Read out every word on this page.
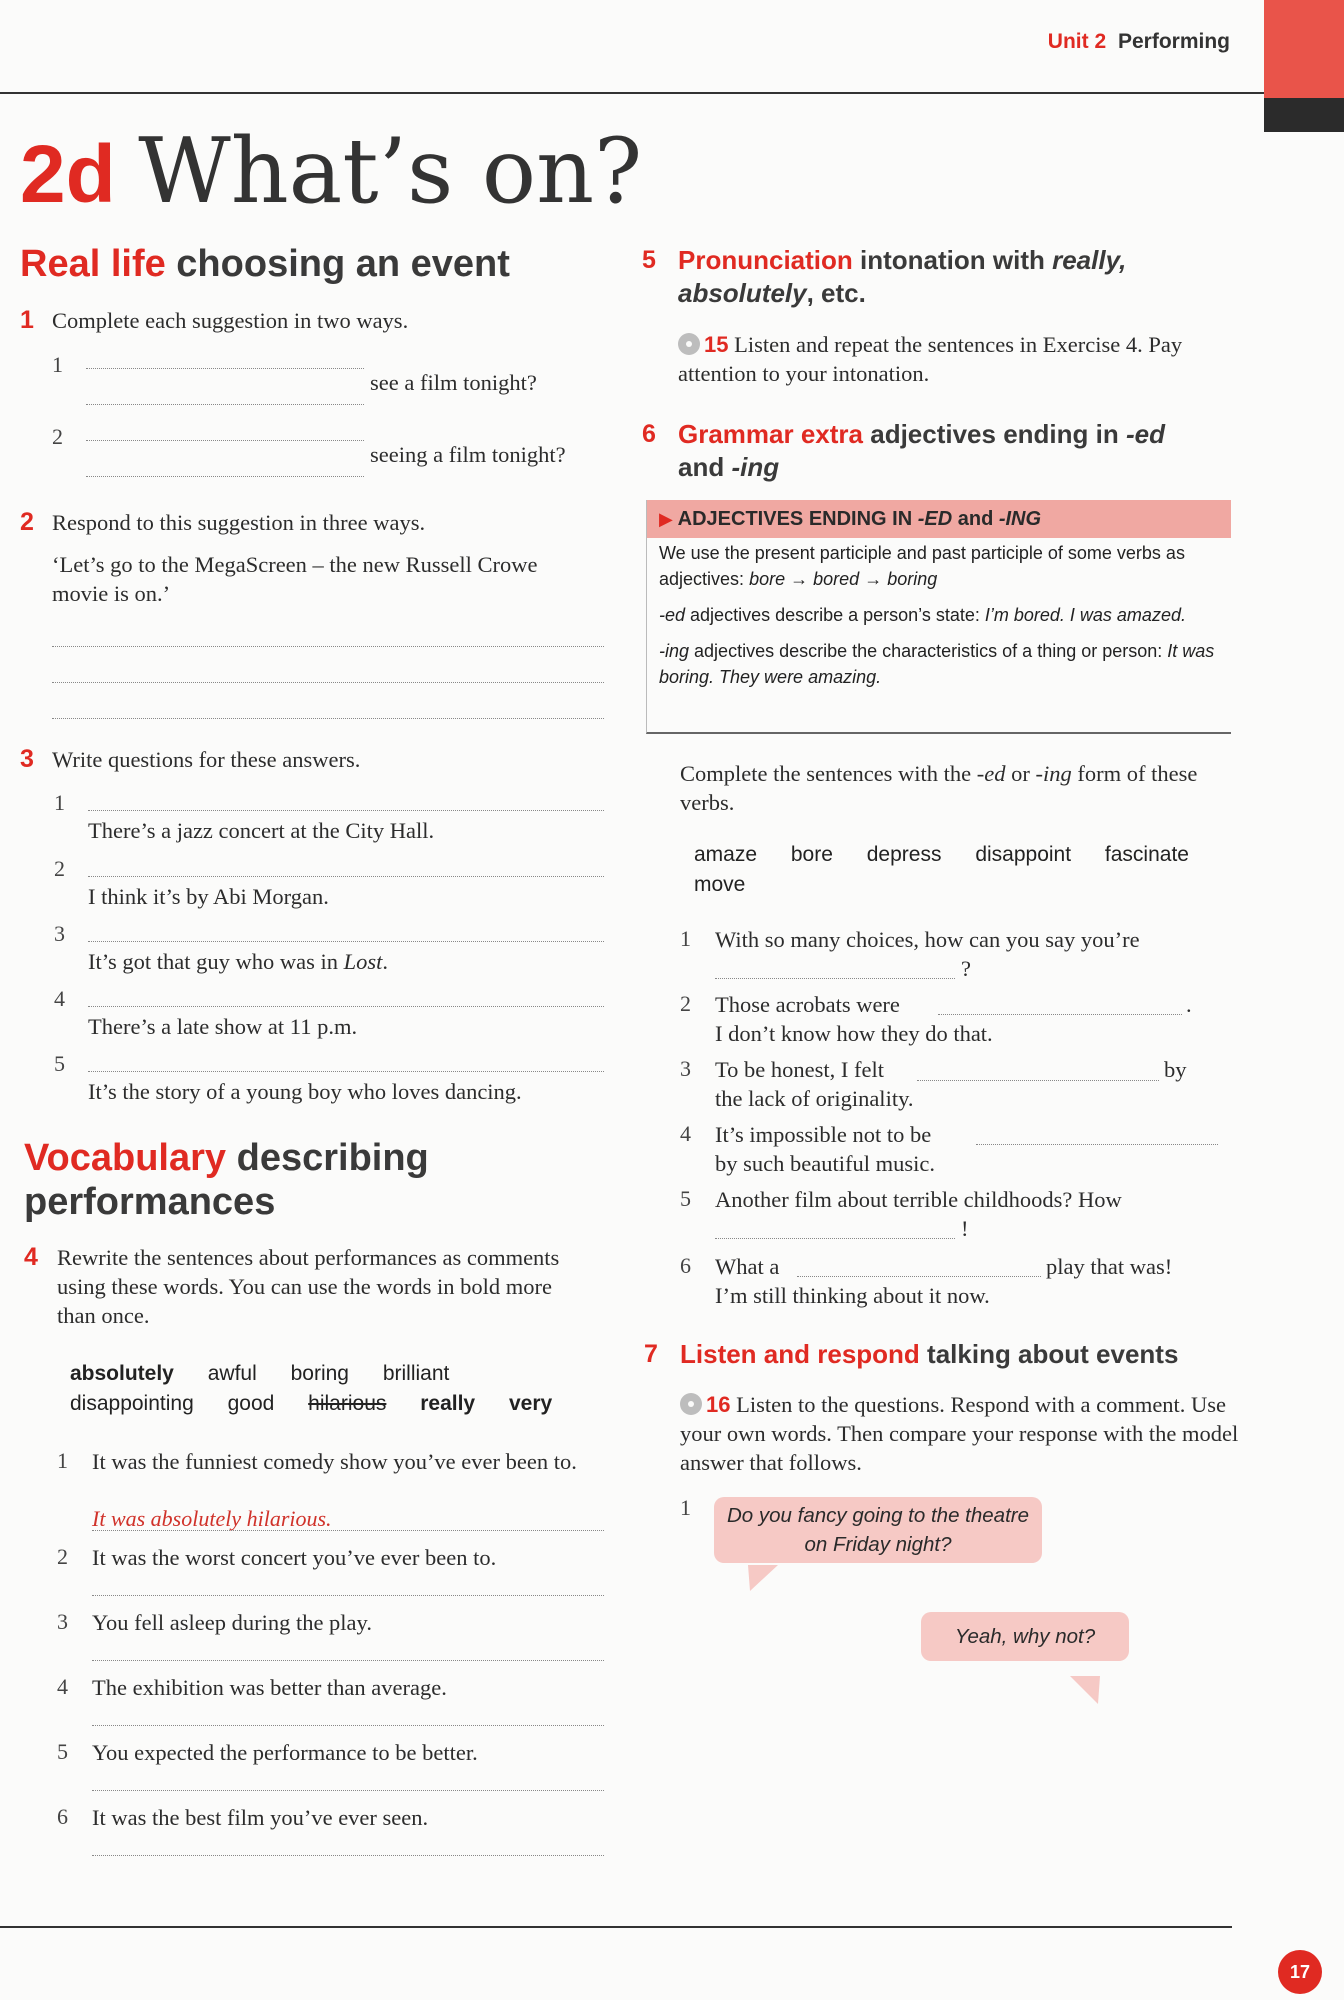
Unit 2 Performing
2d What’s on?
Real life choosing an event
1 Complete each suggestion in two ways.
1
see a film tonight?
2
seeing a film tonight?
2 Respond to this suggestion in three ways.
‘Let’s go to the MegaScreen – the new Russell Crowe movie is on.’
3 Write questions for these answers.
1
There’s a jazz concert at the City Hall.
2
I think it’s by Abi Morgan.
3
It’s got that guy who was in Lost.
4
There’s a late show at 11 p.m.
5
It’s the story of a young boy who loves dancing.
Vocabulary describing
performances
4 Rewrite the sentences about performances as comments using these words. You can use the words in bold more than once.
absolutely awful boring brilliant
disappointing good hilarious really very
1 It was the funniest comedy show you’ve ever been to.
It was absolutely hilarious.
2 It was the worst concert you’ve ever been to.
3 You fell asleep during the play.
4 The exhibition was better than average.
5 You expected the performance to be better.
6 It was the best film you’ve ever seen.
5 Pronunciation intonation with really, absolutely, etc.
15 Listen and repeat the sentences in Exercise 4. Pay attention to your intonation.
6 Grammar extra adjectives ending in -ed
and -ing
▶ ADJECTIVES ENDING IN -ED and -ING

We use the present participle and past participle of some verbs as adjectives: bore → bored → boring

-ed adjectives describe a person’s state: I’m bored. I was amazed.

-ing adjectives describe the characteristics of a thing or person: It was boring. They were amazing.

Complete the sentences with the -ed or -ing form of these verbs.
amaze bore depress disappoint fascinate
move
1 With so many choices, how can you say you’re
?
2 Those acrobats were	.
I don’t know how they do that.
3 To be honest, I felt	by
the lack of originality.
4 It’s impossible not to be
by such beautiful music.
5 Another film about terrible childhoods? How
!
6 What a	play that was!
I’m still thinking about it now.
7 Listen and respond talking about events
16 Listen to the questions. Respond with a comment. Use your own words. Then compare your response with the model answer that follows.
1	Do you fancy going to the theatre on Friday night?
Yeah, why not?
17
